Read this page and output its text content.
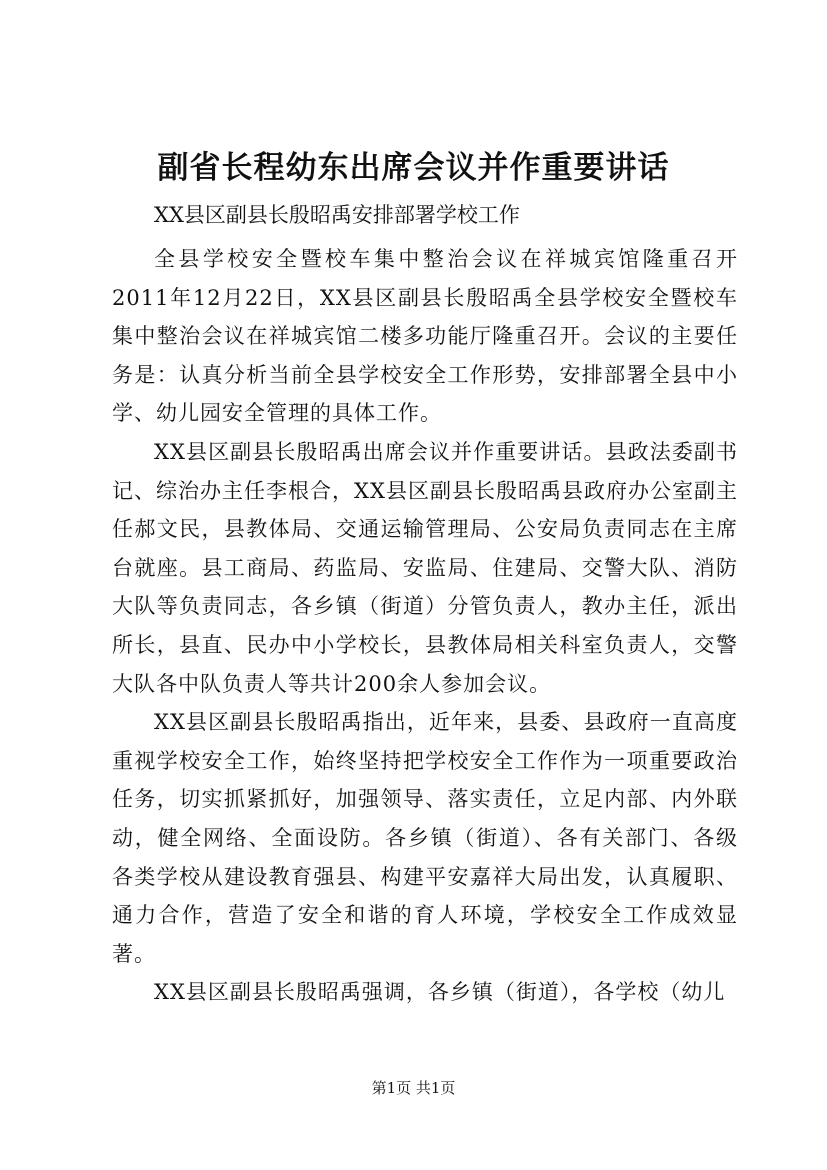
副省长程幼东出席会议并作重要讲话

XX县区副县长殷昭禹安排部署学校工作

全县学校安全暨校车集中整治会议在祥城宾馆隆重召开2011年12月22日，XX县区副县长殷昭禹全县学校安全暨校车集中整治会议在祥城宾馆二楼多功能厅隆重召开。会议的主要任务是：认真分析当前全县学校安全工作形势，安排部署全县中小学、幼儿园安全管理的具体工作。

XX县区副县长殷昭禹出席会议并作重要讲话。县政法委副书记、综治办主任李根合，XX县区副县长殷昭禹县政府办公室副主任郝文民，县教体局、交通运输管理局、公安局负责同志在主席台就座。县工商局、药监局、安监局、住建局、交警大队、消防大队等负责同志，各乡镇（街道）分管负责人，教办主任，派出所长，县直、民办中小学校长，县教体局相关科室负责人，交警大队各中队负责人等共计200余人参加会议。

XX县区副县长殷昭禹指出，近年来，县委、县政府一直高度重视学校安全工作，始终坚持把学校安全工作作为一项重要政治任务，切实抓紧抓好，加强领导、落实责任，立足内部、内外联动，健全网络、全面设防。各乡镇（街道）、各有关部门、各级各类学校从建设教育强县、构建平安嘉祥大局出发，认真履职、通力合作，营造了安全和谐的育人环境，学校安全工作成效显著。

XX县区副县长殷昭禹强调，各乡镇（街道），各学校（幼儿

第1页 共1页
